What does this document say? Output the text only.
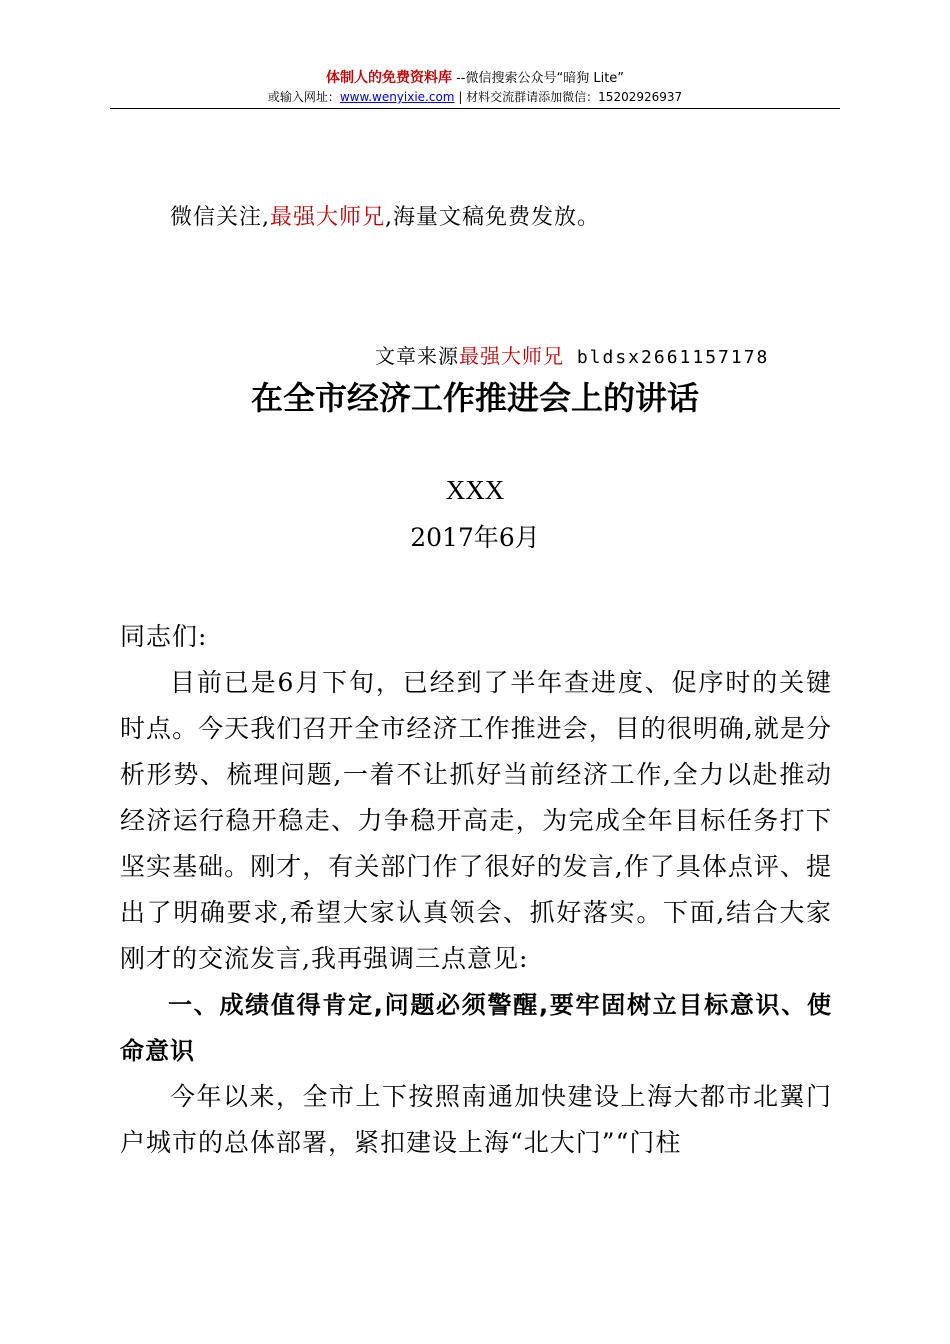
体制人的免费资料库 --微信搜索公众号“暗狗 Lite”
或输入网址：www.wenyixie.com | 材料交流群请添加微信：15202926937
微信关注,最强大师兄,海量文稿免费发放。
文章来源最强大师兄 bldsx2661157178
在全市经济工作推进会上的讲话
XXX
2017年6月

同志们:

目前已是6月下旬，已经到了半年查进度、促序时的关键时点。今天我们召开全市经济工作推进会，目的很明确,就是分析形势、梳理问题,一着不让抓好当前经济工作,全力以赴推动经济运行稳开稳走、力争稳开高走，为完成全年目标任务打下坚实基础。刚才，有关部门作了很好的发言,作了具体点评、提出了明确要求,希望大家认真领会、抓好落实。下面,结合大家刚才的交流发言,我再强调三点意见:

一、成绩值得肯定,问题必须警醒,要牢固树立目标意识、使命意识

今年以来，全市上下按照南通加快建设上海大都市北翼门户城市的总体部署，紧扣建设上海“北大门”“门柱
